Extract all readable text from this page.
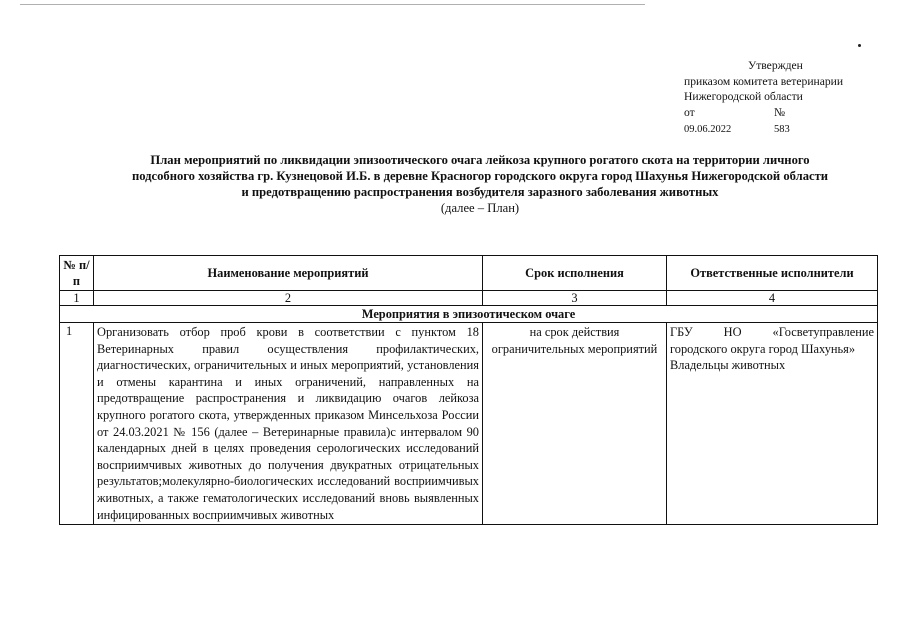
Утвержден
приказом комитета ветеринарии
Нижегородской области
от	№
09.06.2022	583
План мероприятий по ликвидации эпизоотического очага лейкоза крупного рогатого скота на территории личного
подсобного хозяйства гр. Кузнецовой И.Б. в деревне Красногор городского округа город Шахунья Нижегородской области
и предотвращению распространения возбудителя заразного заболевания животных
(далее – План)
№ п/п	Наименование мероприятий	Срок исполнения	Ответственные исполнители
1	2	3	4
Мероприятия в эпизоотическом очаге			
1	Организовать отбор проб крови в соответствии с пунктом 18 Ветеринарных правил осуществления профилактических, диагностических, ограничительных и иных мероприятий, установления и отмены карантина и иных ограничений, направленных на предотвращение распространения и ликвидацию очагов лейкоза крупного рогатого скота, утвержденных приказом Минсельхоза России от 24.03.2021 № 156 (далее – Ветеринарные правила)с интервалом 90 календарных дней в целях проведения серологических исследований восприимчивых животных до получения двукратных отрицательных результатов;молекулярно-биологических исследований восприимчивых животных, а также гематологических исследований вновь выявленных инфицированных восприимчивых животных	на срок действия ограничительных мероприятий	ГБУ НО «Госветуправление городского округа город Шахунья»
Владельцы животных
